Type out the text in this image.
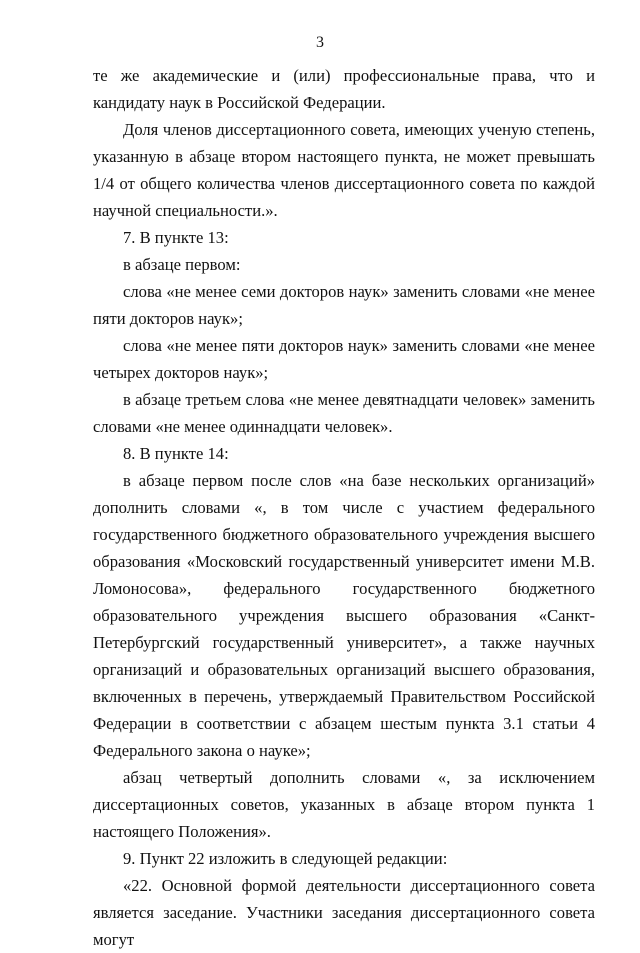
3

те же академические и (или) профессиональные права, что и кандидату наук в Российской Федерации.

Доля членов диссертационного совета, имеющих ученую степень, указанную в абзаце втором настоящего пункта, не может превышать 1/4 от общего количества членов диссертационного совета по каждой научной специальности.».

7. В пункте 13:

в абзаце первом:

слова «не менее семи докторов наук» заменить словами «не менее пяти докторов наук»;

слова «не менее пяти докторов наук» заменить словами «не менее четырех докторов наук»;

в абзаце третьем слова «не менее девятнадцати человек» заменить словами «не менее одиннадцати человек».

8. В пункте 14:

в абзаце первом после слов «на базе нескольких организаций» дополнить словами «, в том числе с участием федерального государственного бюджетного образовательного учреждения высшего образования «Московский государственный университет имени М.В. Ломоносова», федерального государственного бюджетного образовательного учреждения высшего образования «Санкт-Петербургский государственный университет», а также научных организаций и образовательных организаций высшего образования, включенных в перечень, утверждаемый Правительством Российской Федерации в соответствии с абзацем шестым пункта 3.1 статьи 4 Федерального закона о науке»;

абзац четвертый дополнить словами «, за исключением диссертационных советов, указанных в абзаце втором пункта 1 настоящего Положения».

9. Пункт 22 изложить в следующей редакции:

«22. Основной формой деятельности диссертационного совета является заседание. Участники заседания диссертационного совета могут
